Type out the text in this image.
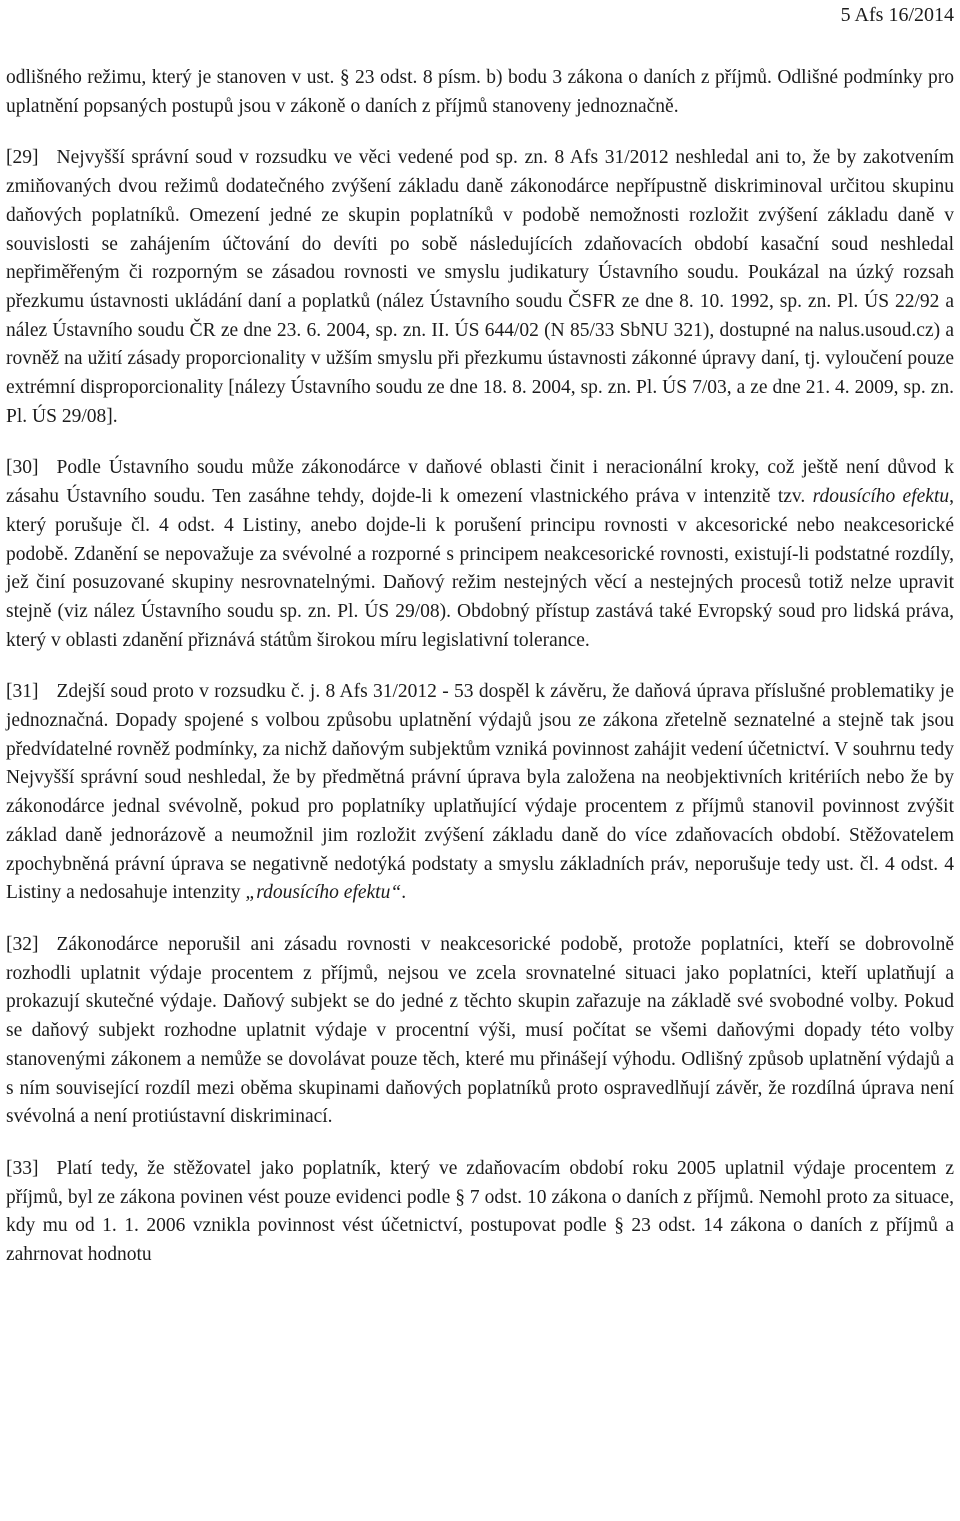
5 Afs 16/2014

odlišného režimu, který je stanoven v ust. § 23 odst. 8 písm. b) bodu 3 zákona o daních z příjmů. Odlišné podmínky pro uplatnění popsaných postupů jsou v zákoně o daních z příjmů stanoveny jednoznačně.

[29] Nejvyšší správní soud v rozsudku ve věci vedené pod sp. zn. 8 Afs 31/2012 neshledal ani to, že by zakotvením zmiňovaných dvou režimů dodatečného zvýšení základu daně zákonodárce nepřípustně diskriminoval určitou skupinu daňových poplatníků. Omezení jedné ze skupin poplatníků v podobě nemožnosti rozložit zvýšení základu daně v souvislosti se zahájením účtování do devíti po sobě následujících zdaňovacích období kasační soud neshledal nepřiměřeným či rozporným se zásadou rovnosti ve smyslu judikatury Ústavního soudu. Poukázal na úzký rozsah přezkumu ústavnosti ukládání daní a poplatků (nález Ústavního soudu ČSFR ze dne 8. 10. 1992, sp. zn. Pl. ÚS 22/92 a nález Ústavního soudu ČR ze dne 23. 6. 2004, sp. zn. II. ÚS 644/02 (N 85/33 SbNU 321), dostupné na nalus.usoud.cz) a rovněž na užití zásady proporcionality v užším smyslu při přezkumu ústavnosti zákonné úpravy daní, tj. vyloučení pouze extrémní disproporcionality [nálezy Ústavního soudu ze dne 18. 8. 2004, sp. zn. Pl. ÚS 7/03, a ze dne 21. 4. 2009, sp. zn. Pl. ÚS 29/08].

[30] Podle Ústavního soudu může zákonodárce v daňové oblasti činit i neracionální kroky, což ještě není důvod k zásahu Ústavního soudu. Ten zasáhne tehdy, dojde-li k omezení vlastnického práva v intenzitě tzv. rdousícího efektu, který porušuje čl. 4 odst. 4 Listiny, anebo dojde-li k porušení principu rovnosti v akcesorické nebo neakcesorické podobě. Zdanění se nepovažuje za svévolné a rozporné s principem neakcesorické rovnosti, existují-li podstatné rozdíly, jež činí posuzované skupiny nesrovnatelnými. Daňový režim nestejných věcí a nestejných procesů totiž nelze upravit stejně (viz nález Ústavního soudu sp. zn. Pl. ÚS 29/08). Obdobný přístup zastává také Evropský soud pro lidská práva, který v oblasti zdanění přiznává státům širokou míru legislativní tolerance.

[31] Zdejší soud proto v rozsudku č. j. 8 Afs 31/2012 - 53 dospěl k závěru, že daňová úprava příslušné problematiky je jednoznačná. Dopady spojené s volbou způsobu uplatnění výdajů jsou ze zákona zřetelně seznatelné a stejně tak jsou předvídatelné rovněž podmínky, za nichž daňovým subjektům vzniká povinnost zahájit vedení účetnictví. V souhrnu tedy Nejvyšší správní soud neshledal, že by předmětná právní úprava byla založena na neobjektivních kritériích nebo že by zákonodárce jednal svévolně, pokud pro poplatníky uplatňující výdaje procentem z příjmů stanovil povinnost zvýšit základ daně jednorázově a neumožnil jim rozložit zvýšení základu daně do více zdaňovacích období. Stěžovatelem zpochybněná právní úprava se negativně nedotýká podstaty a smyslu základních práv, neporušuje tedy ust. čl. 4 odst. 4 Listiny a nedosahuje intenzity „rdousícího efektu“.

[32] Zákonodárce neporušil ani zásadu rovnosti v neakcesorické podobě, protože poplatníci, kteří se dobrovolně rozhodli uplatnit výdaje procentem z příjmů, nejsou ve zcela srovnatelné situaci jako poplatníci, kteří uplatňují a prokazují skutečné výdaje. Daňový subjekt se do jedné z těchto skupin zařazuje na základě své svobodné volby. Pokud se daňový subjekt rozhodne uplatnit výdaje v procentní výši, musí počítat se všemi daňovými dopady této volby stanovenými zákonem a nemůže se dovolávat pouze těch, které mu přinášejí výhodu. Odlišný způsob uplatnění výdajů a s ním související rozdíl mezi oběma skupinami daňových poplatníků proto ospravedlňují závěr, že rozdílná úprava není svévolná a není protiústavní diskriminací.

[33] Platí tedy, že stěžovatel jako poplatník, který ve zdaňovacím období roku 2005 uplatnil výdaje procentem z příjmů, byl ze zákona povinen vést pouze evidenci podle § 7 odst. 10 zákona o daních z příjmů. Nemohl proto za situace, kdy mu od 1. 1. 2006 vznikla povinnost vést účetnictví, postupovat podle § 23 odst. 14 zákona o daních z příjmů a zahrnovat hodnotu
